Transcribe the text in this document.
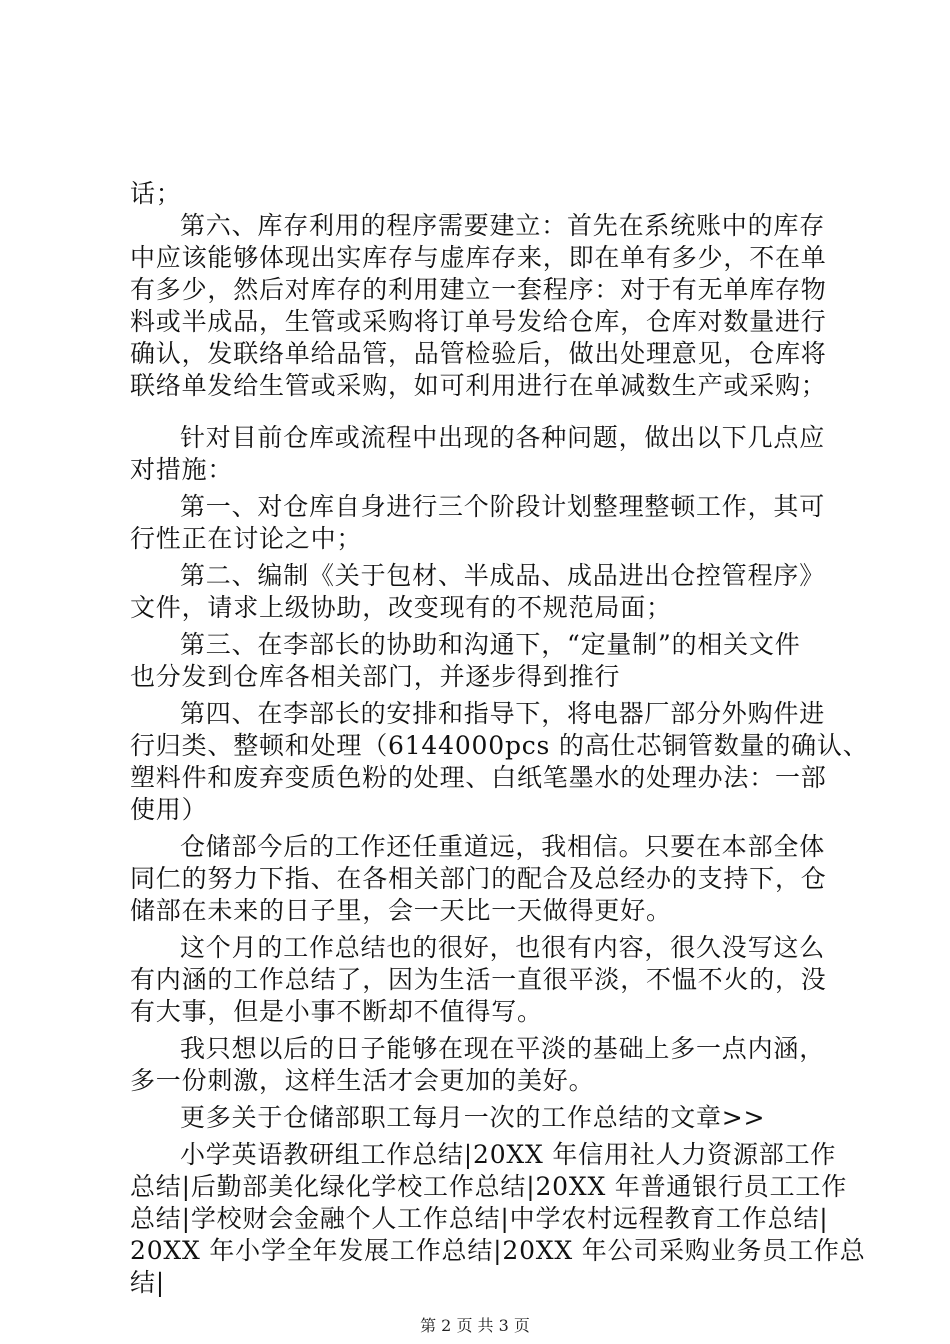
话；
第六、库存利用的程序需要建立：首先在系统账中的库存
中应该能够体现出实库存与虚库存来，即在单有多少，不在单
有多少，然后对库存的利用建立一套程序：对于有无单库存物
料或半成品，生管或采购将订单号发给仓库，仓库对数量进行
确认，发联络单给品管，品管检验后，做出处理意见，仓库将
联络单发给生管或采购，如可利用进行在单减数生产或采购；
针对目前仓库或流程中出现的各种问题，做出以下几点应
对措施：
第一、对仓库自身进行三个阶段计划整理整顿工作，其可
行性正在讨论之中；
第二、编制《关于包材、半成品、成品进出仓控管程序》
文件，请求上级协助，改变现有的不规范局面；
第三、在李部长的协助和沟通下，“定量制”的相关文件
也分发到仓库各相关部门，并逐步得到推行
第四、在李部长的安排和指导下，将电器厂部分外购件进
行归类、整顿和处理（6144000pcs 的高仕芯铜管数量的确认、
塑料件和废弃变质色粉的处理、白纸笔墨水的处理办法：一部
使用）
仓储部今后的工作还任重道远，我相信。只要在本部全体
同仁的努力下指、在各相关部门的配合及总经办的支持下，仓
储部在未来的日子里，会一天比一天做得更好。
这个月的工作总结也的很好，也很有内容，很久没写这么
有内涵的工作总结了，因为生活一直很平淡，不愠不火的，没
有大事，但是小事不断却不值得写。
我只想以后的日子能够在现在平淡的基础上多一点内涵，
多一份刺激，这样生活才会更加的美好。
更多关于仓储部职工每月一次的工作总结的文章>>
小学英语教研组工作总结|20XX 年信用社人力资源部工作
总结|后勤部美化绿化学校工作总结|20XX 年普通银行员工工作
总结|学校财会金融个人工作总结|中学农村远程教育工作总结|
20XX 年小学全年发展工作总结|20XX 年公司采购业务员工作总
结|
第 2 页 共 3 页
